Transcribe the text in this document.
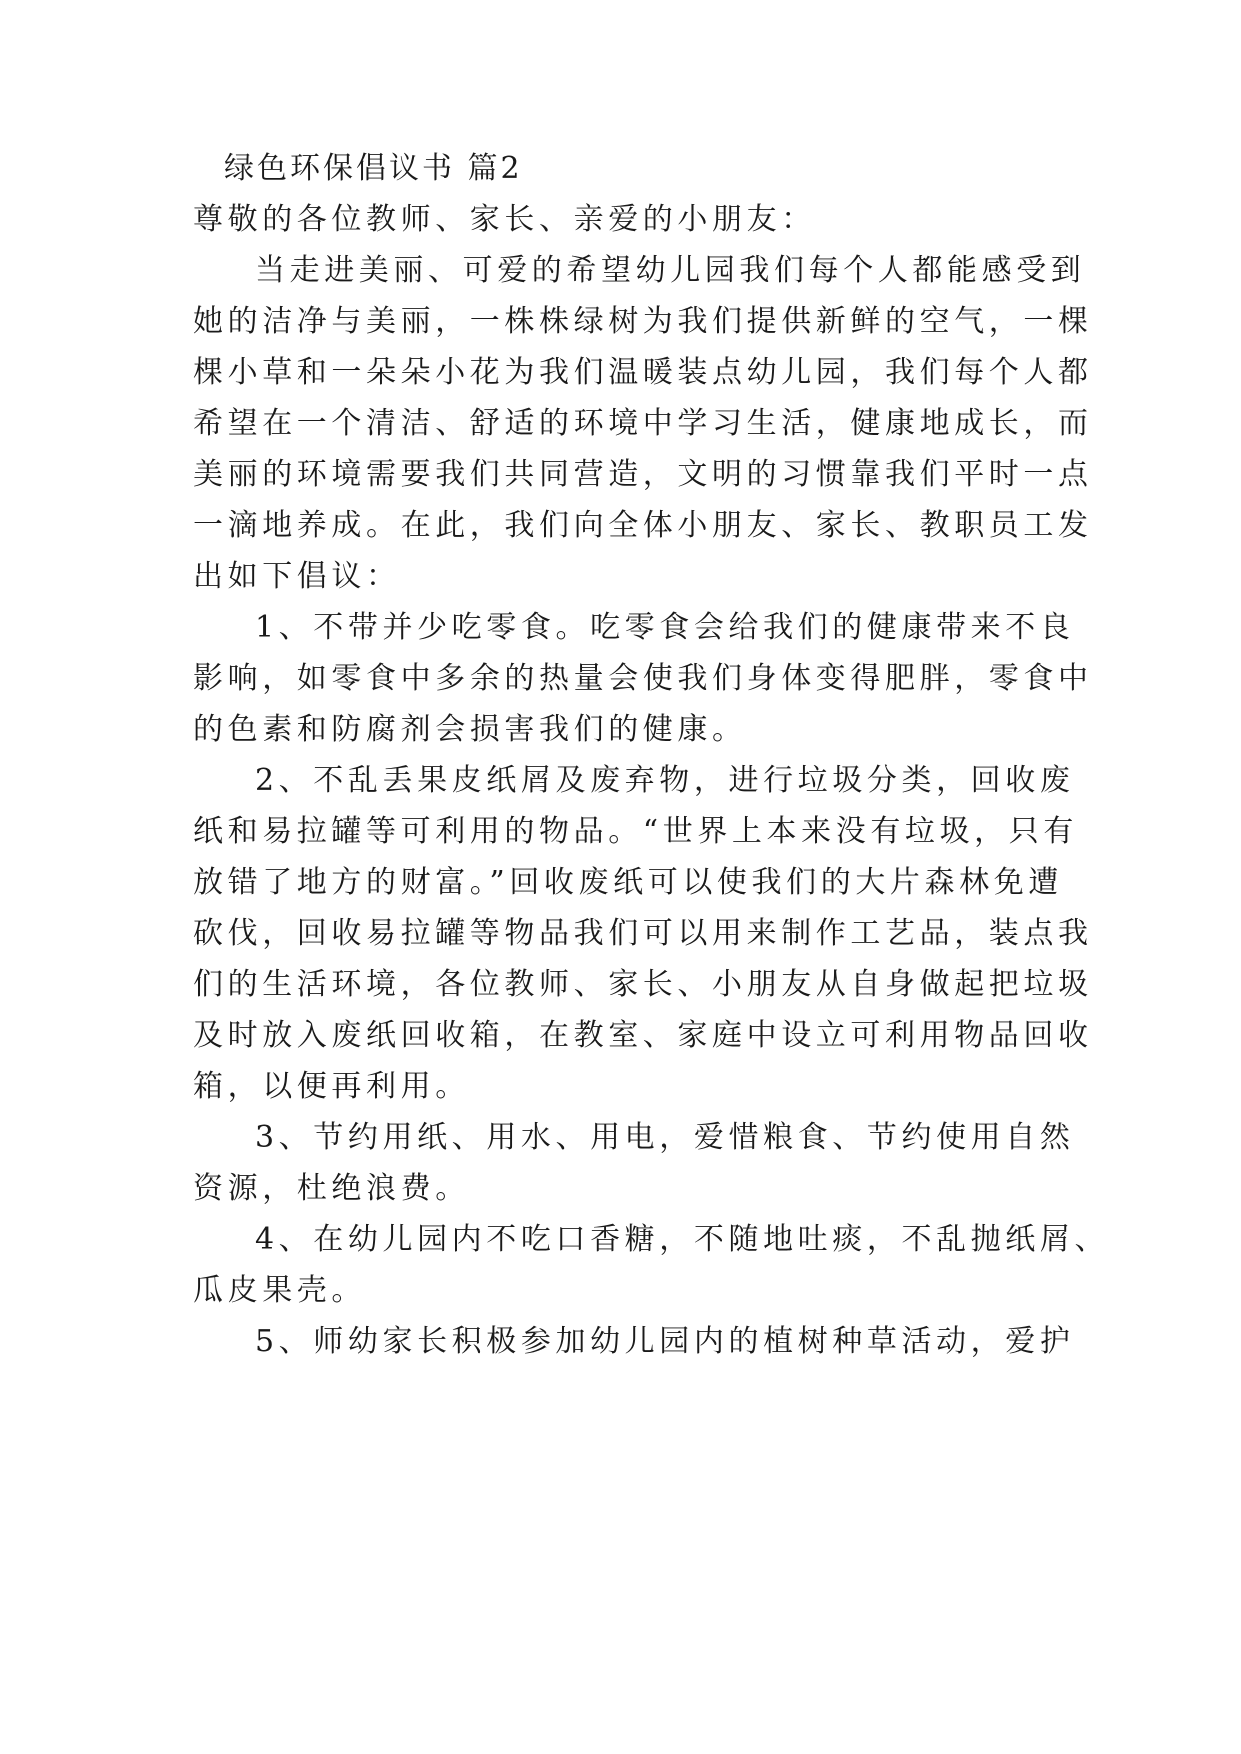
绿色环保倡议书 篇2
尊敬的各位教师、家长、亲爱的小朋友：
当走进美丽、可爱的希望幼儿园我们每个人都能感受到
她的洁净与美丽，一株株绿树为我们提供新鲜的空气，一棵
棵小草和一朵朵小花为我们温暖装点幼儿园，我们每个人都
希望在一个清洁、舒适的环境中学习生活，健康地成长，而
美丽的环境需要我们共同营造，文明的习惯靠我们平时一点
一滴地养成。在此，我们向全体小朋友、家长、教职员工发
出如下倡议：
1、不带并少吃零食。吃零食会给我们的健康带来不良
影响，如零食中多余的热量会使我们身体变得肥胖，零食中
的色素和防腐剂会损害我们的健康。
2、不乱丢果皮纸屑及废弃物，进行垃圾分类，回收废
纸和易拉罐等可利用的物品。“世界上本来没有垃圾，只有
放错了地方的财富。”回收废纸可以使我们的大片森林免遭
砍伐，回收易拉罐等物品我们可以用来制作工艺品，装点我
们的生活环境，各位教师、家长、小朋友从自身做起把垃圾
及时放入废纸回收箱，在教室、家庭中设立可利用物品回收
箱，以便再利用。
3、节约用纸、用水、用电，爱惜粮食、节约使用自然
资源，杜绝浪费。
4、在幼儿园内不吃口香糖，不随地吐痰，不乱抛纸屑、
瓜皮果壳。
5、师幼家长积极参加幼儿园内的植树种草活动，爱护
